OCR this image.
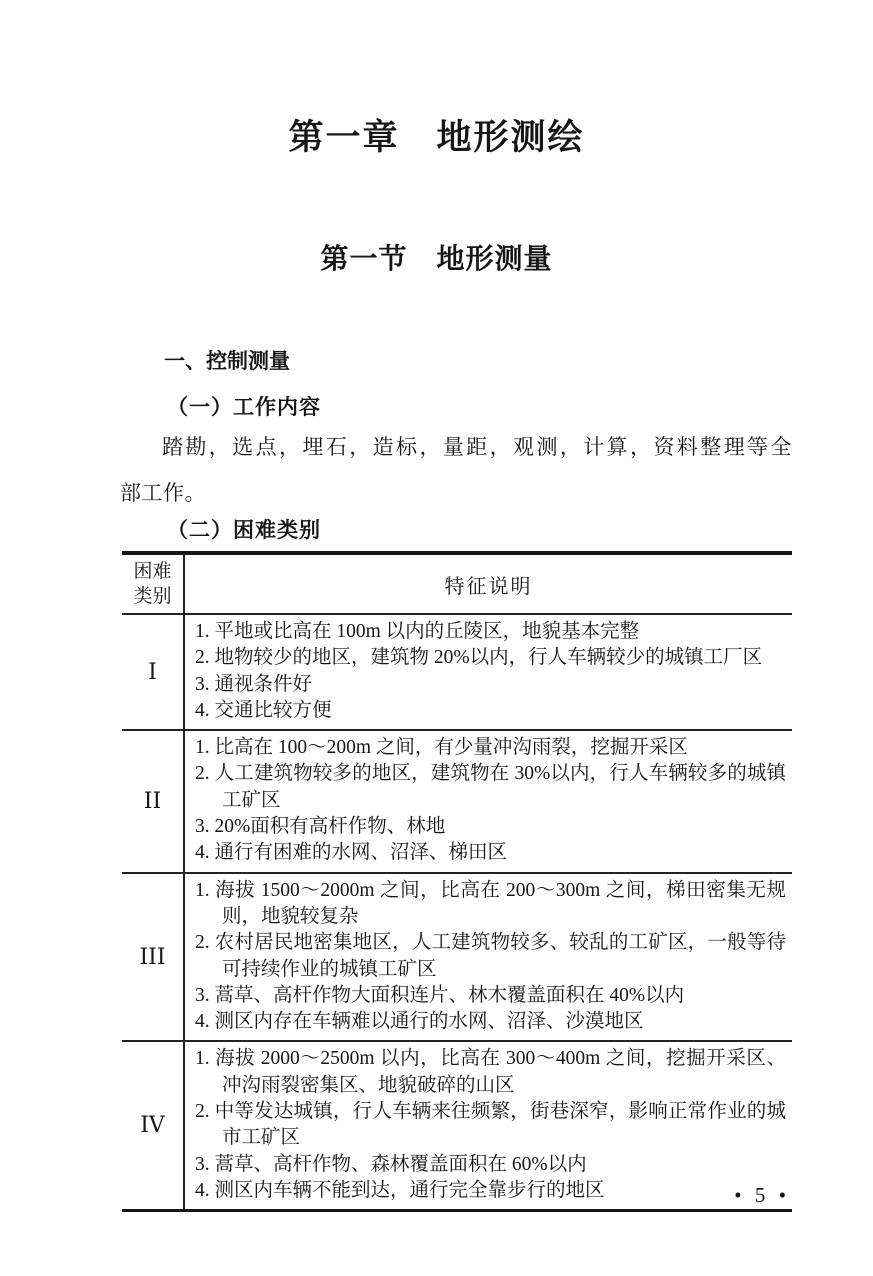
第一章　地形测绘
第一节　地形测量
一、控制测量
（一）工作内容
踏勘，选点，埋石，造标，量距，观测，计算，资料整理等全
部工作。
（二）困难类别
困难
类别	特征说明
I	1. 平地或比高在 100m 以内的丘陵区，地貌基本完整
2. 地物较少的地区，建筑物 20%以内，行人车辆较少的城镇工厂区
3. 通视条件好
4. 交通比较方便

II	1. 比高在 100～200m 之间，有少量冲沟雨裂，挖掘开采区
2. 人工建筑物较多的地区，建筑物在 30%以内，行人车辆较多的城镇工矿区
3. 20%面积有高杆作物、林地
4. 通行有困难的水网、沼泽、梯田区

III	1. 海拔 1500～2000m 之间，比高在 200～300m 之间，梯田密集无规则，地貌较复杂
2. 农村居民地密集地区，人工建筑物较多、较乱的工矿区，一般等待可持续作业的城镇工矿区
3. 蒿草、高杆作物大面积连片、林木覆盖面积在 40%以内
4. 测区内存在车辆难以通行的水网、沼泽、沙漠地区

IV	1. 海拔 2000～2500m 以内，比高在 300～400m 之间，挖掘开采区、冲沟雨裂密集区、地貌破碎的山区
2. 中等发达城镇，行人车辆来往频繁，街巷深窄，影响正常作业的城市工矿区
3. 蒿草、高杆作物、森林覆盖面积在 60%以内
4. 测区内车辆不能到达，通行完全靠步行的地区	• 5 •
